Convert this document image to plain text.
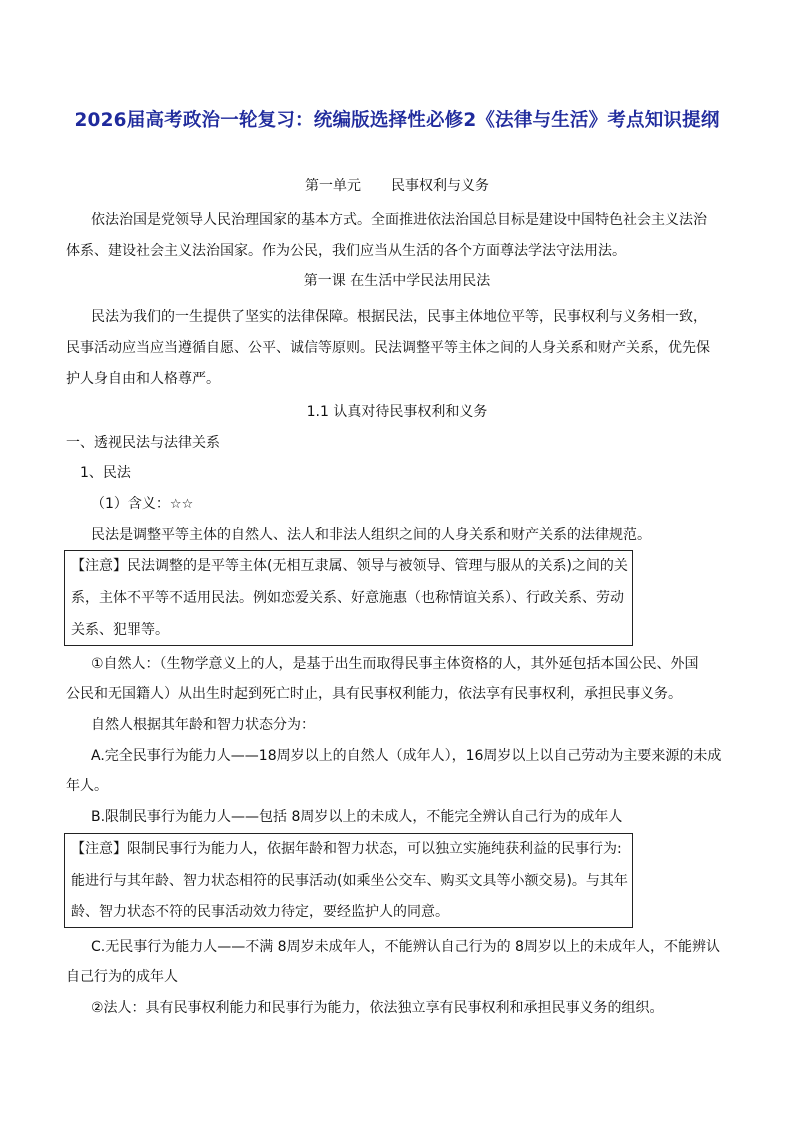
2026届高考政治一轮复习：统编版选择性必修2《法律与生活》考点知识提纲
第一单元 民事权利与义务
依法治国是党领导人民治理国家的基本方式。全面推进依法治国总目标是建设中国特色社会主义法治
体系、建设社会主义法治国家。作为公民，我们应当从生活的各个方面尊法学法守法用法。
第一课 在生活中学民法用民法
民法为我们的一生提供了坚实的法律保障。根据民法，民事主体地位平等，民事权利与义务相一致，
民事活动应当应当遵循自愿、公平、诚信等原则。民法调整平等主体之间的人身关系和财产关系，优先保
护人身自由和人格尊严。
1.1 认真对待民事权利和义务
一、透视民法与法律关系
1、民法
（1）含义：☆☆
民法是调整平等主体的自然人、法人和非法人组织之间的人身关系和财产关系的法律规范。
【注意】民法调整的是平等主体(无相互隶属、领导与被领导、管理与服从的关系)之间的关
系，主体不平等不适用民法。例如恋爱关系、好意施惠（也称情谊关系）、行政关系、劳动
关系、犯罪等。
①自然人：（生物学意义上的人，是基于出生而取得民事主体资格的人，其外延包括本国公民、外国
公民和无国籍人）从出生时起到死亡时止，具有民事权利能力，依法享有民事权利，承担民事义务。
自然人根据其年龄和智力状态分为：
A.完全民事行为能力人——18周岁以上的自然人（成年人），16周岁以上以自己劳动为主要来源的未成
年人。
B.限制民事行为能力人——包括 8周岁以上的未成人，不能完全辨认自己行为的成年人
【注意】限制民事行为能力人，依据年龄和智力状态，可以独立实施纯获利益的民事行为:
能进行与其年龄、智力状态相符的民事活动(如乘坐公交车、购买文具等小额交易)。与其年
龄、智力状态不符的民事活动效力待定，要经监护人的同意。
C.无民事行为能力人——不满 8周岁未成年人，不能辨认自己行为的 8周岁以上的未成年人，不能辨认
自己行为的成年人
②法人：具有民事权利能力和民事行为能力，依法独立享有民事权利和承担民事义务的组织。
